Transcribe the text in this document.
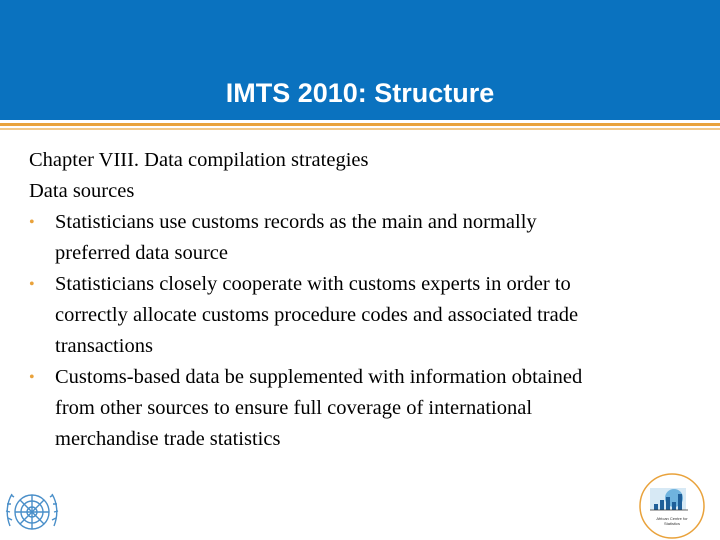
IMTS 2010: Structure
Chapter VIII. Data compilation strategies
Data sources
• Statisticians use customs records as the main and normally
preferred data source
• Statisticians closely cooperate with customs experts in order to
correctly allocate customs procedure codes and associated trade
transactions
• Customs-based data be supplemented with information obtained
from other sources to ensure full coverage of international
merchandise trade statistics
African Centre for
Statistics
